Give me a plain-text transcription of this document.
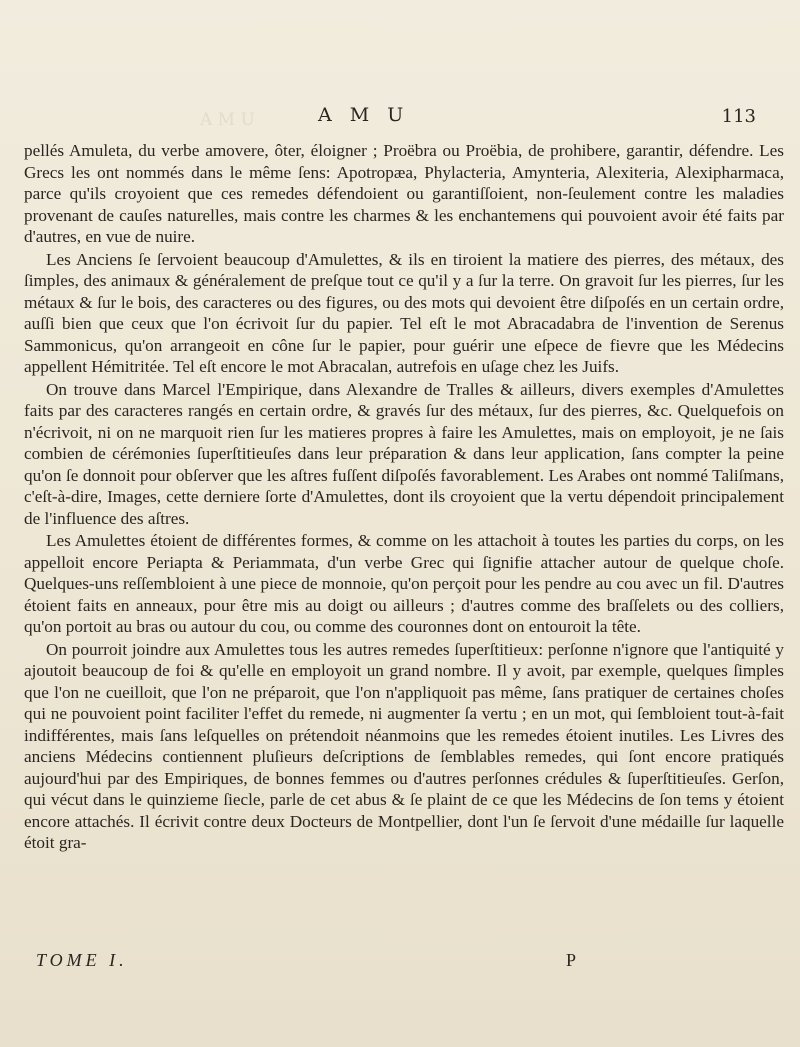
A M U	A M U	113

pellés Amuleta, du verbe amovere, ôter, éloigner ; Proëbra ou Proëbia, de prohibere, garantir, défendre. Les Grecs les ont nommés dans le même ſens: Apotropæa, Phylacteria, Amynteria, Alexiteria, Alexipharmaca, parce qu'ils croyoient que ces remedes défendoient ou garantiſſoient, non-ſeulement contre les maladies provenant de cauſes naturelles, mais contre les charmes & les enchantemens qui pouvoient avoir été faits par d'autres, en vue de nuire.

Les Anciens ſe ſervoient beaucoup d'Amulettes, & ils en tiroient la matiere des pierres, des métaux, des ſimples, des animaux & généralement de preſque tout ce qu'il y a ſur la terre. On gravoit ſur les pierres, ſur les métaux & ſur le bois, des caracteres ou des figures, ou des mots qui devoient être diſpoſés en un certain ordre, auſſi bien que ceux que l'on écrivoit ſur du papier. Tel eſt le mot Abracadabra de l'invention de Serenus Sammonicus, qu'on arrangeoit en cône ſur le papier, pour guérir une eſpece de fievre que les Médecins appellent Hémitritée. Tel eſt encore le mot Abracalan, autrefois en uſage chez les Juifs.

On trouve dans Marcel l'Empirique, dans Alexandre de Tralles & ailleurs, divers exemples d'Amulettes faits par des caracteres rangés en certain ordre, & gravés ſur des métaux, ſur des pierres, &c. Quelquefois on n'écrivoit, ni on ne marquoit rien ſur les matieres propres à faire les Amulettes, mais on employoit, je ne ſais combien de cérémonies ſuperſtitieuſes dans leur préparation & dans leur application, ſans compter la peine qu'on ſe donnoit pour obſerver que les aſtres fuſſent diſpoſés favorablement. Les Arabes ont nommé Taliſmans, c'eſt-à-dire, Images, cette derniere ſorte d'Amulettes, dont ils croyoient que la vertu dépendoit principalement de l'influence des aſtres.

Les Amulettes étoient de différentes formes, & comme on les attachoit à toutes les parties du corps, on les appelloit encore Periapta & Periammata, d'un verbe Grec qui ſignifie attacher autour de quelque choſe. Quelques-uns reſſembloient à une piece de monnoie, qu'on perçoit pour les pendre au cou avec un fil. D'autres étoient faits en anneaux, pour être mis au doigt ou ailleurs ; d'autres comme des braſſelets ou des colliers, qu'on portoit au bras ou autour du cou, ou comme des couronnes dont on entouroit la tête.

On pourroit joindre aux Amulettes tous les autres remedes ſuperſtitieux: perſonne n'ignore que l'antiquité y ajoutoit beaucoup de foi & qu'elle en employoit un grand nombre. Il y avoit, par exemple, quelques ſimples que l'on ne cueilloit, que l'on ne préparoit, que l'on n'appliquoit pas même, ſans pratiquer de certaines choſes qui ne pouvoient point faciliter l'effet du remede, ni augmenter ſa vertu ; en un mot, qui ſembloient tout-à-fait indifférentes, mais ſans leſquelles on prétendoit néanmoins que les remedes étoient inutiles. Les Livres des anciens Médecins contiennent pluſieurs deſcriptions de ſemblables remedes, qui ſont encore pratiqués aujourd'hui par des Empiriques, de bonnes femmes ou d'autres perſonnes crédules & ſuperſtitieuſes. Gerſon, qui vécut dans le quinzieme ſiecle, parle de cet abus & ſe plaint de ce que les Médecins de ſon tems y étoient encore attachés. Il écrivit contre deux Docteurs de Montpellier, dont l'un ſe ſervoit d'une médaille ſur laquelle étoit gra-

TOME I.	P
